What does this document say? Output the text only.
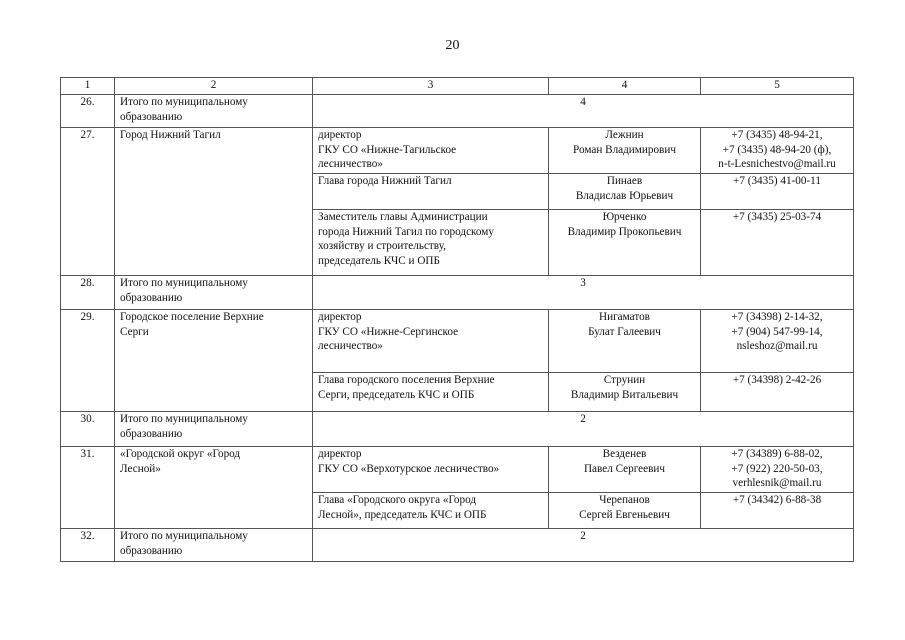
20
1	2	3	4	5
26.	Итого по муниципальному
образованию	4		
27.	Город Нижний Тагил	директор
ГКУ СО «Нижне-Тагильское
лесничество»	Лежнин
Роман Владимирович	+7 (3435) 48-94-21,
+7 (3435) 48-94-20 (ф),
n-t-Lesnichestvo@mail.ru

		Глава города Нижний Тагил	Пинаев
Владислав Юрьевич	+7 (3435) 41-00-11

		Заместитель главы Администрации
города Нижний Тагил по городскому
хозяйству и строительству,
председатель КЧС и ОПБ	Юрченко
Владимир Прокопьевич	+7 (3435) 25-03-74

28.	Итого по муниципальному
образованию	3		
29.	Городское поселение Верхние
Серги	директор
ГКУ СО «Нижне-Сергинское
лесничество»	Нигаматов
Булат Галеевич	+7 (34398) 2-14-32,
+7 (904) 547-99-14,
nsleshoz@mail.ru

		Глава городского поселения Верхние
Серги, председатель КЧС и ОПБ	Струнин
Владимир Витальевич	+7 (34398) 2-42-26

30.	Итого по муниципальному
образованию	2		
31.	«Городской округ «Город
Лесной»	директор
ГКУ СО «Верхотурское лесничество»	Везденев
Павел Сергеевич	+7 (34389) 6-88-02,
+7 (922) 220-50-03,
verhlesnik@mail.ru

		Глава «Городского округа «Город
Лесной», председатель КЧС и ОПБ	Черепанов
Сергей Евгеньевич	+7 (34342) 6-88-38

32.	Итого по муниципальному
образованию	2		
